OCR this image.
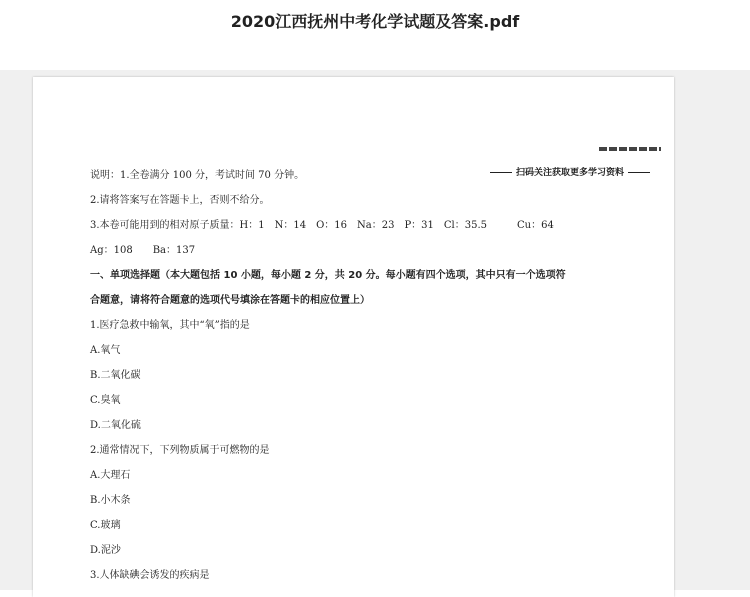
2020江西抚州中考化学试题及答案.pdf
扫码关注获取更多学习资料
说明：1.全卷满分 100 分，考试时间 70 分钟。
2.请将答案写在答题卡上，否则不给分。
3.本卷可能用到的相对原子质量：H：1　N：14　O：16　Na：23　P：31　Cl：35.5　　　Cu：64
Ag：108　　Ba：137
一、单项选择题（本大题包括 10 小题，每小题 2 分，共 20 分。每小题有四个选项，其中只有一个选项符
合题意，请将符合题意的选项代号填涂在答题卡的相应位置上）
1.医疗急救中输氧，其中“氧”指的是
A.氧气
B.二氧化碳
C.臭氧
D.二氧化硫
2.通常情况下，下列物质属于可燃物的是
A.大理石
B.小木条
C.玻璃
D.泥沙
3.人体缺碘会诱发的疾病是
